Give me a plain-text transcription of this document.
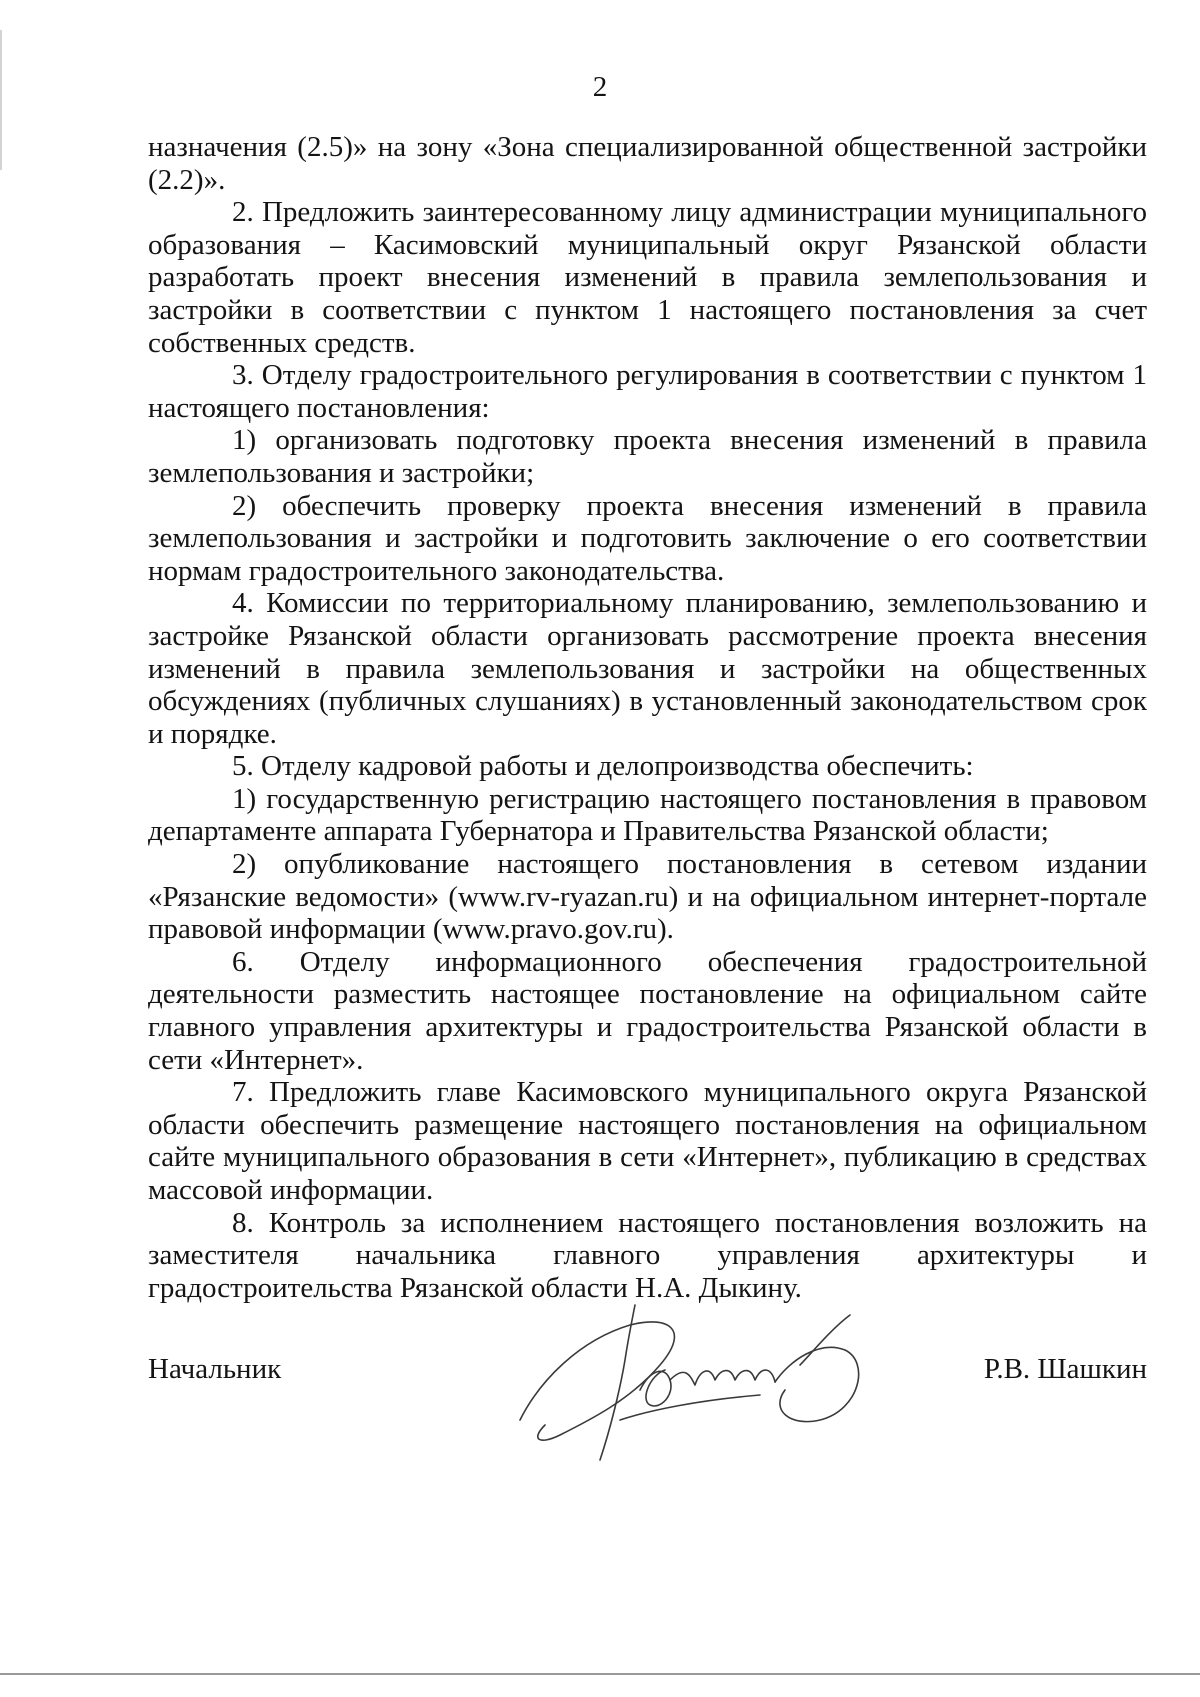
2

назначения (2.5)» на зону «Зона специализированной общественной застройки (2.2)».

2. Предложить заинтересованному лицу администрации муниципального образования – Касимовский муниципальный округ Рязанской области разработать проект внесения изменений в правила землепользования и застройки в соответствии с пунктом 1 настоящего постановления за счет собственных средств.

3. Отделу градостроительного регулирования в соответствии с пунктом 1 настоящего постановления:

1) организовать подготовку проекта внесения изменений в правила землепользования и застройки;

2) обеспечить проверку проекта внесения изменений в правила землепользования и застройки и подготовить заключение о его соответствии нормам градостроительного законодательства.

4. Комиссии по территориальному планированию, землепользованию и застройке Рязанской области организовать рассмотрение проекта внесения изменений в правила землепользования и застройки на общественных обсуждениях (публичных слушаниях) в установленный законодательством срок и порядке.

5. Отделу кадровой работы и делопроизводства обеспечить:

1) государственную регистрацию настоящего постановления в правовом департаменте аппарата Губернатора и Правительства Рязанской области;

2) опубликование настоящего постановления в сетевом издании «Рязанские ведомости» (www.rv-ryazan.ru) и на официальном интернет-портале правовой информации (www.pravo.gov.ru).

6. Отделу информационного обеспечения градостроительной деятельности разместить настоящее постановление на официальном сайте главного управления архитектуры и градостроительства Рязанской области в сети «Интернет».

7. Предложить главе Касимовского муниципального округа Рязанской области обеспечить размещение настоящего постановления на официальном сайте муниципального образования в сети «Интернет», публикацию в средствах массовой информации.

8. Контроль за исполнением настоящего постановления возложить на заместителя начальника главного управления архитектуры и градостроительства Рязанской области Н.А. Дыкину.

Начальник	Р.В. Шашкин
